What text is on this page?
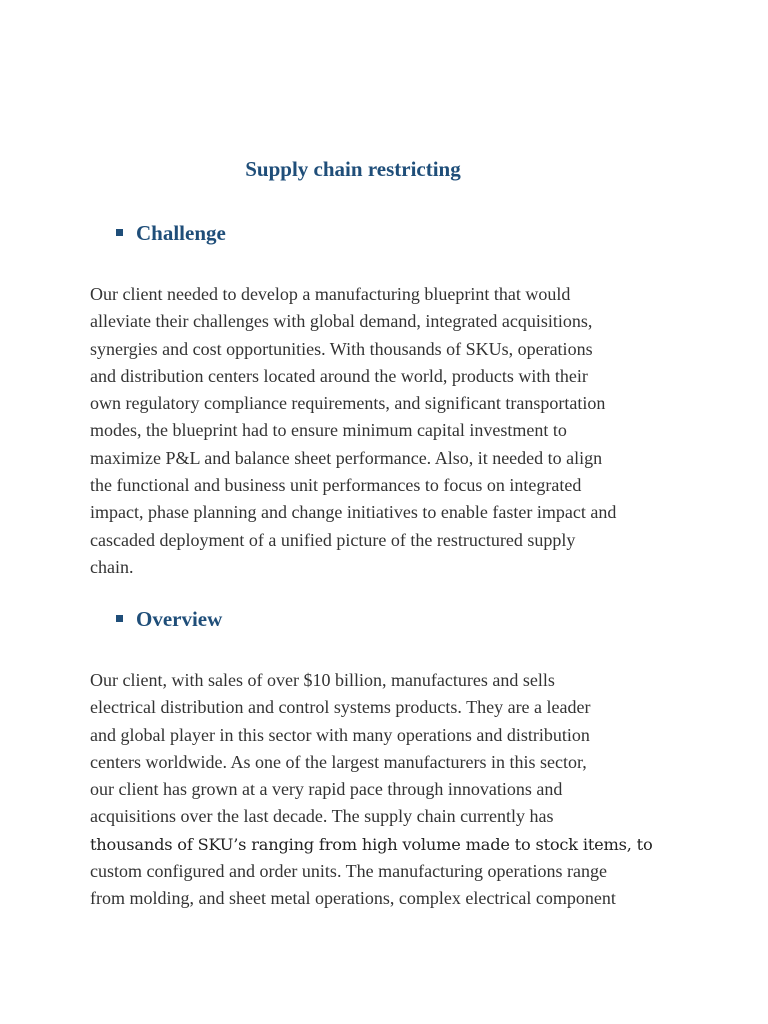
Supply chain restricting
Challenge
Our client needed to develop a manufacturing blueprint that would
alleviate their challenges with global demand, integrated acquisitions,
synergies and cost opportunities. With thousands of SKUs, operations
and distribution centers located around the world, products with their
own regulatory compliance requirements, and significant transportation
modes, the blueprint had to ensure minimum capital investment to
maximize P&L and balance sheet performance. Also, it needed to align
the functional and business unit performances to focus on integrated
impact, phase planning and change initiatives to enable faster impact and
cascaded deployment of a unified picture of the restructured supply
chain.
Overview
Our client, with sales of over $10 billion, manufactures and sells
electrical distribution and control systems products. They are a leader
and global player in this sector with many operations and distribution
centers worldwide. As one of the largest manufacturers in this sector,
our client has grown at a very rapid pace through innovations and
acquisitions over the last decade. The supply chain currently has
thousands of SKU’s ranging from high volume made to stock items, to
custom configured and order units. The manufacturing operations range
from molding, and sheet metal operations, complex electrical component
